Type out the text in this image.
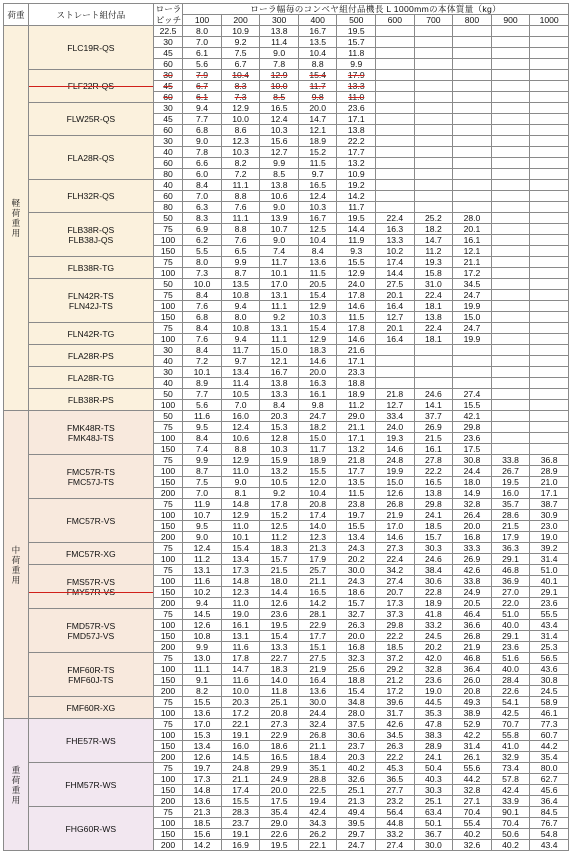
荷重	ストレート組付品	ローラ	ローラ幅毎のコンベヤ組付品機長 L 1000mmの本体質量（kg）									
		ピッチ	100	200	300	400	500	600	700	800	900	1000

軽
荷
重
用	FLC19R-QS	22.5	8.0	10.9	13.8	16.7	19.5					
		30	7.0	9.2	11.4	13.5	15.7					
		45	6.1	7.5	9.0	10.4	11.8					
		60	5.6	6.7	7.8	8.8	9.9					

	FLF22R-QS	30	7.9	10.4	12.9	15.4	17.9					
		45	6.7	8.3	10.0	11.7	13.3					
		60	6.1	7.3	8.5	9.8	11.0					

	FLW25R-QS	30	9.4	12.9	16.5	20.0	23.6					
		45	7.7	10.0	12.4	14.7	17.1					
		60	6.8	8.6	10.3	12.1	13.8					

	FLA28R-QS	30	9.0	12.3	15.6	18.9	22.2					
		40	7.8	10.3	12.7	15.2	17.7					
		60	6.6	8.2	9.9	11.5	13.2					
		80	6.0	7.2	8.5	9.7	10.9					

	FLH32R-QS	40	8.4	11.1	13.8	16.5	19.2					
		60	7.0	8.8	10.6	12.4	14.2					
		80	6.3	7.6	9.0	10.3	11.7					

	FLB38R-QS
FLB38J-QS	50	8.3	11.1	13.9	16.7	19.5	22.4	25.2	28.0		
		75	6.9	8.8	10.7	12.5	14.4	16.3	18.2	20.1		
		100	6.2	7.6	9.0	10.4	11.9	13.3	14.7	16.1		
		150	5.5	6.5	7.4	8.4	9.3	10.2	11.2	12.1		

	FLB38R-TG	75	8.0	9.9	11.7	13.6	15.5	17.4	19.3	21.1		
		100	7.3	8.7	10.1	11.5	12.9	14.4	15.8	17.2		

	FLN42R-TS
FLN42J-TS	50	10.0	13.5	17.0	20.5	24.0	27.5	31.0	34.5		
		75	8.4	10.8	13.1	15.4	17.8	20.1	22.4	24.7		
		100	7.6	9.4	11.1	12.9	14.6	16.4	18.1	19.9		
		150	6.8	8.0	9.2	10.3	11.5	12.7	13.8	15.0		

	FLN42R-TG	75	8.4	10.8	13.1	15.4	17.8	20.1	22.4	24.7		
		100	7.6	9.4	11.1	12.9	14.6	16.4	18.1	19.9		

	FLA28R-PS	30	8.4	11.7	15.0	18.3	21.6					
		40	7.2	9.7	12.1	14.6	17.1					

	FLA28R-TG	30	10.1	13.4	16.7	20.0	23.3					
		40	8.9	11.4	13.8	16.3	18.8					

	FLB38R-PS	50	7.7	10.5	13.3	16.1	18.9	21.8	24.6	27.4		
		100	5.6	7.0	8.4	9.8	11.2	12.7	14.1	15.5		

中
荷
重
用	FMK48R-TS
FMK48J-TS	50	11.6	16.0	20.3	24.7	29.0	33.4	37.7	42.1		
		75	9.5	12.4	15.3	18.2	21.1	24.0	26.9	29.8		
		100	8.4	10.6	12.8	15.0	17.1	19.3	21.5	23.6		
		150	7.4	8.8	10.3	11.7	13.2	14.6	16.1	17.5		

	FMC57R-TS
FMC57J-TS	75	9.9	12.9	15.9	18.9	21.8	24.8	27.8	30.8	33.8	36.8
		100	8.7	11.0	13.2	15.5	17.7	19.9	22.2	24.4	26.7	28.9
		150	7.5	9.0	10.5	12.0	13.5	15.0	16.5	18.0	19.5	21.0
		200	7.0	8.1	9.2	10.4	11.5	12.6	13.8	14.9	16.0	17.1

	FMC57R-VS	75	11.9	14.8	17.8	20.8	23.8	26.8	29.8	32.8	35.7	38.7
		100	10.7	12.9	15.2	17.4	19.7	21.9	24.1	26.4	28.6	30.9
		150	9.5	11.0	12.5	14.0	15.5	17.0	18.5	20.0	21.5	23.0
		200	9.0	10.1	11.2	12.3	13.4	14.6	15.7	16.8	17.9	19.0

	FMC57R-XG	75	12.4	15.4	18.3	21.3	24.3	27.3	30.3	33.3	36.3	39.2
		100	11.2	13.4	15.7	17.9	20.2	22.4	24.6	26.9	29.1	31.4

	FMS57R-VS
FMY57R-VS	75	13.1	17.3	21.5	25.7	30.0	34.2	38.4	42.6	46.8	51.0
		100	11.6	14.8	18.0	21.1	24.3	27.4	30.6	33.8	36.9	40.1
		150	10.2	12.3	14.4	16.5	18.6	20.7	22.8	24.9	27.0	29.1
		200	9.4	11.0	12.6	14.2	15.7	17.3	18.9	20.5	22.0	23.6

	FMD57R-VS
FMD57J-VS	75	14.5	19.0	23.6	28.1	32.7	37.3	41.8	46.4	51.0	55.5
		100	12.6	16.1	19.5	22.9	26.3	29.8	33.2	36.6	40.0	43.4
		150	10.8	13.1	15.4	17.7	20.0	22.2	24.5	26.8	29.1	31.4
		200	9.9	11.6	13.3	15.1	16.8	18.5	20.2	21.9	23.6	25.3

	FMF60R-TS
FMF60J-TS	75	13.0	17.8	22.7	27.5	32.3	37.2	42.0	46.8	51.6	56.5
		100	11.1	14.7	18.3	21.9	25.6	29.2	32.8	36.4	40.0	43.6
		150	9.1	11.6	14.0	16.4	18.8	21.2	23.6	26.0	28.4	30.8
		200	8.2	10.0	11.8	13.6	15.4	17.2	19.0	20.8	22.6	24.5

	FMF60R-XG	75	15.5	20.3	25.1	30.0	34.8	39.6	44.5	49.3	54.1	58.9
		100	13.6	17.2	20.8	24.4	28.0	31.7	35.3	38.9	42.5	46.1

重
荷
重
用	FHE57R-WS	75	17.0	22.1	27.3	32.4	37.5	42.6	47.8	52.9	70.7	77.3
		100	15.3	19.1	22.9	26.8	30.6	34.5	38.3	42.2	55.8	60.7
		150	13.4	16.0	18.6	21.1	23.7	26.3	28.9	31.4	41.0	44.2
		200	12.6	14.5	16.5	18.4	20.3	22.2	24.1	26.1	32.9	35.4

	FHM57R-WS	75	19.7	24.8	29.9	35.1	40.2	45.3	50.4	55.6	73.4	80.0
		100	17.3	21.1	24.9	28.8	32.6	36.5	40.3	44.2	57.8	62.7
		150	14.8	17.4	20.0	22.5	25.1	27.7	30.3	32.8	42.4	45.6
		200	13.6	15.5	17.5	19.4	21.3	23.2	25.1	27.1	33.9	36.4

	FHG60R-WS	75	21.3	28.3	35.4	42.4	49.4	56.4	63.4	70.4	90.1	84.5
		100	18.5	23.7	29.0	34.3	39.5	44.8	50.1	55.4	70.4	76.7
		150	15.6	19.1	22.6	26.2	29.7	33.2	36.7	40.2	50.6	54.8
		200	14.2	16.9	19.5	22.1	24.7	27.4	30.0	32.6	40.2	43.4
